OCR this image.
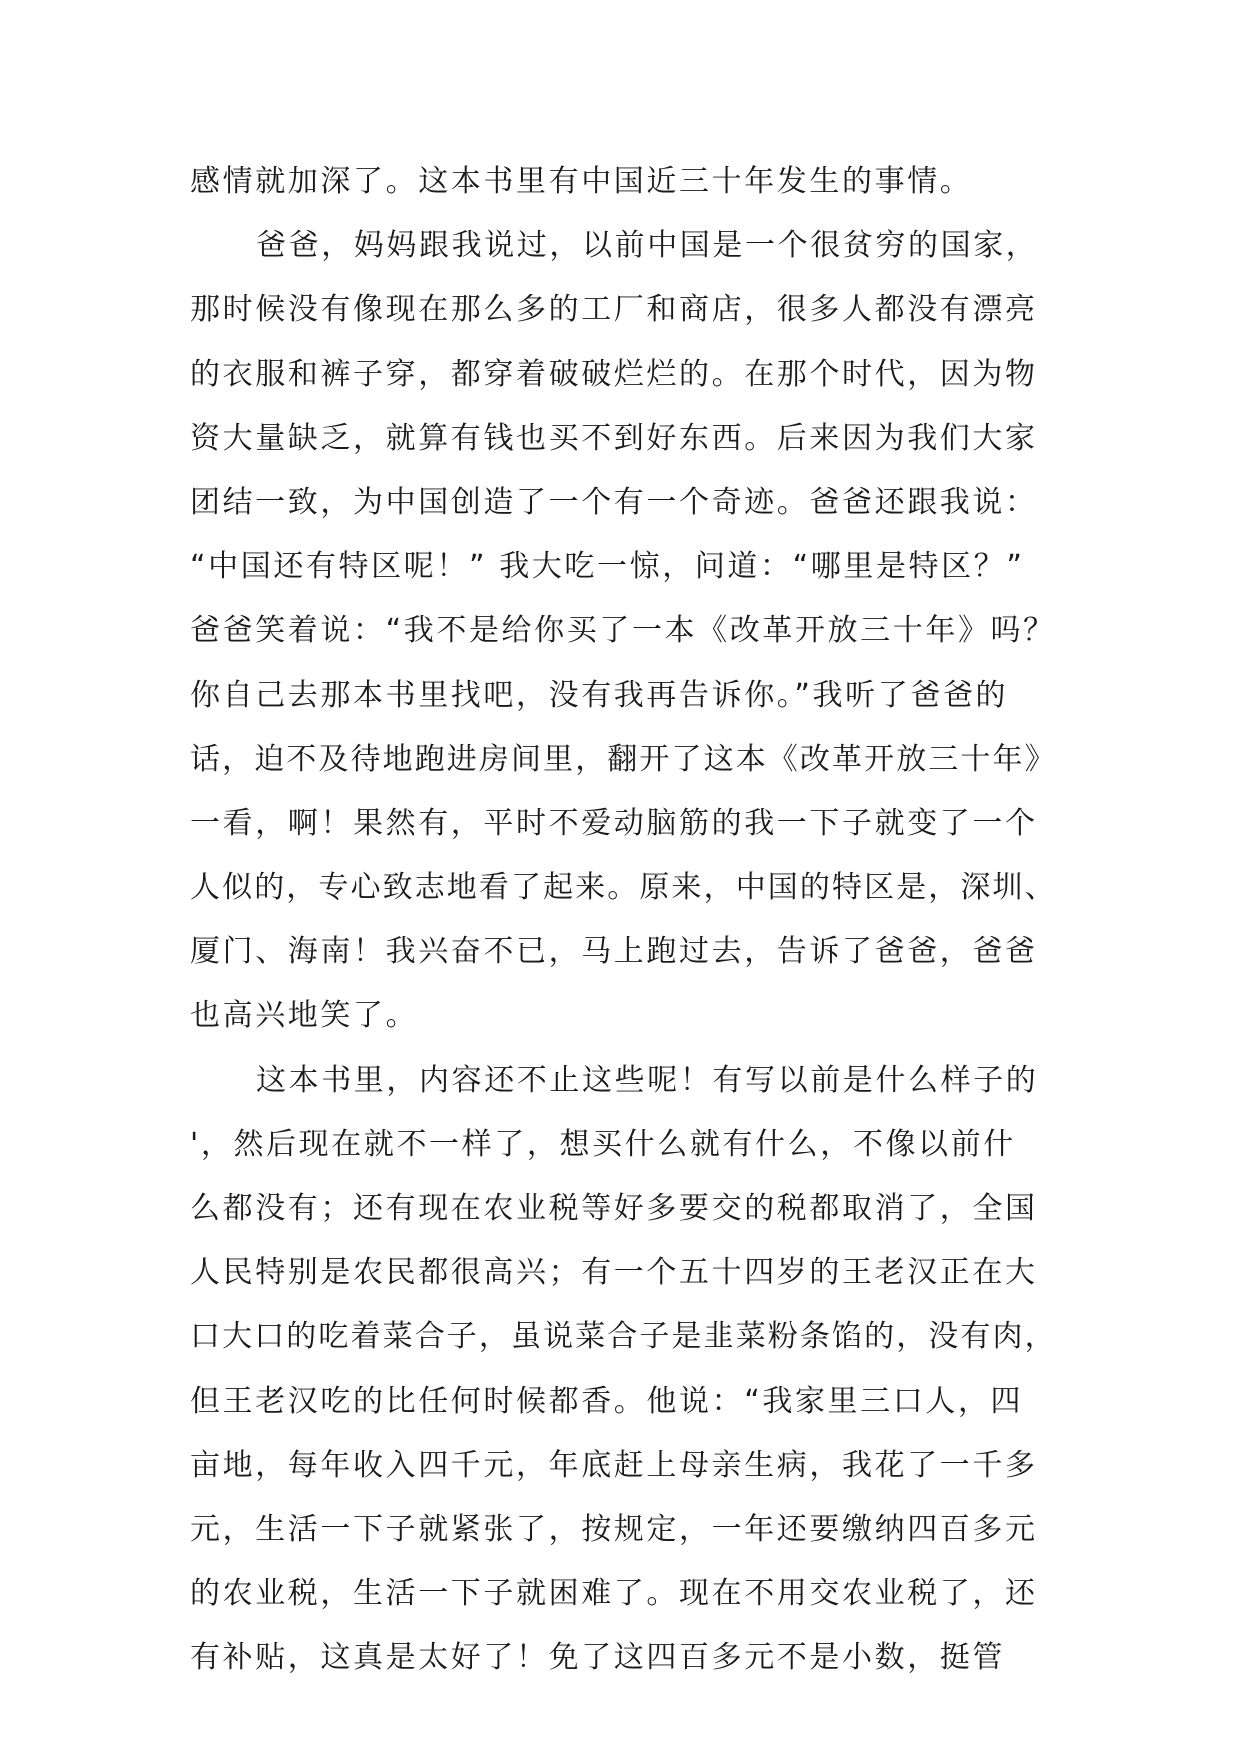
感情就加深了。这本书里有中国近三十年发生的事情。
爸爸，妈妈跟我说过，以前中国是一个很贫穷的国家，
那时候没有像现在那么多的工厂和商店，很多人都没有漂亮
的衣服和裤子穿，都穿着破破烂烂的。在那个时代，因为物
资大量缺乏，就算有钱也买不到好东西。后来因为我们大家
团结一致，为中国创造了一个有一个奇迹。爸爸还跟我说：
“中国还有特区呢！” 我大吃一惊，问道：“哪里是特区？”
爸爸笑着说：“我不是给你买了一本《改革开放三十年》吗？
你自己去那本书里找吧，没有我再告诉你。”我听了爸爸的
话，迫不及待地跑进房间里，翻开了这本《改革开放三十年》
一看，啊！果然有，平时不爱动脑筋的我一下子就变了一个
人似的，专心致志地看了起来。原来，中国的特区是，深圳、
厦门、海南！我兴奋不已，马上跑过去，告诉了爸爸，爸爸
也高兴地笑了。
这本书里，内容还不止这些呢！有写以前是什么样子的
'，然后现在就不一样了，想买什么就有什么，不像以前什
么都没有；还有现在农业税等好多要交的税都取消了，全国
人民特别是农民都很高兴；有一个五十四岁的王老汉正在大
口大口的吃着菜合子，虽说菜合子是韭菜粉条馅的，没有肉，
但王老汉吃的比任何时候都香。他说：“我家里三口人，四
亩地，每年收入四千元，年底赶上母亲生病，我花了一千多
元，生活一下子就紧张了，按规定，一年还要缴纳四百多元
的农业税，生活一下子就困难了。现在不用交农业税了，还
有补贴，这真是太好了！免了这四百多元不是小数，挺管
